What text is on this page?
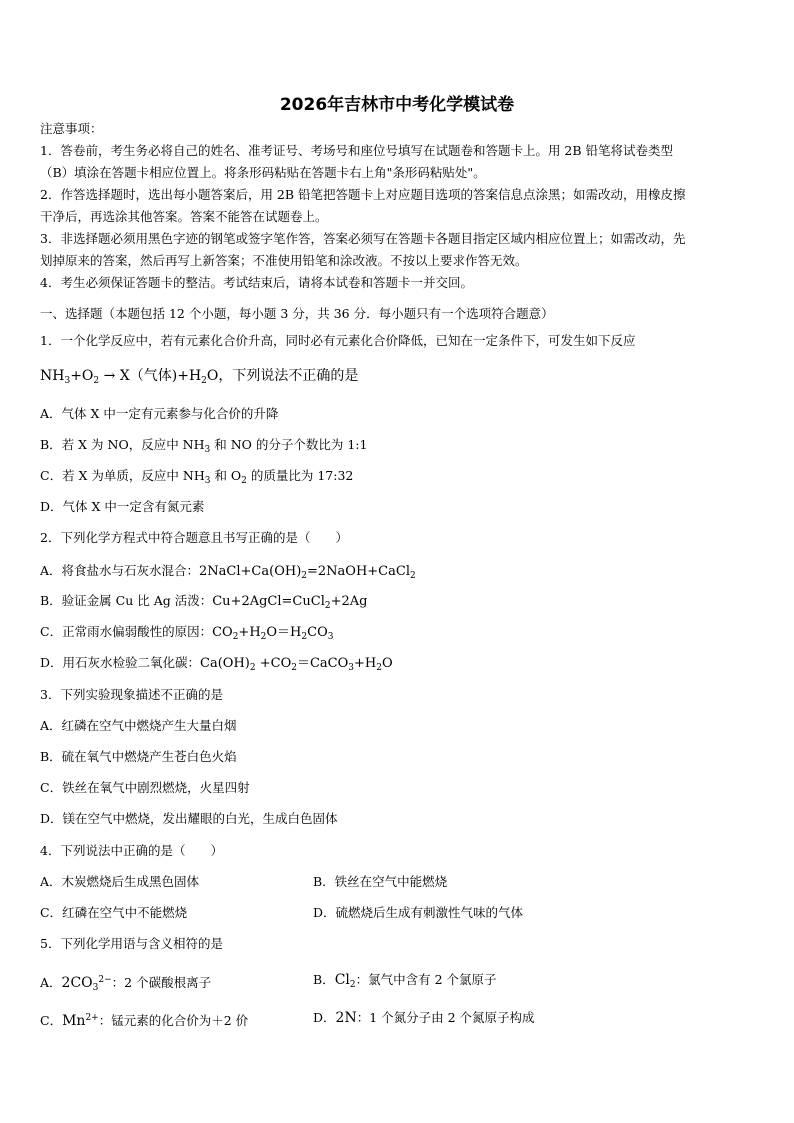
2026年吉林市中考化学模试卷
注意事项：
1．答卷前，考生务必将自己的姓名、准考证号、考场号和座位号填写在试题卷和答题卡上。用 2B 铅笔将试卷类型
（B）填涂在答题卡相应位置上。将条形码粘贴在答题卡右上角"条形码粘贴处"。
2．作答选择题时，选出每小题答案后，用 2B 铅笔把答题卡上对应题目选项的答案信息点涂黑；如需改动，用橡皮擦
干净后，再选涂其他答案。答案不能答在试题卷上。
3．非选择题必须用黑色字迹的钢笔或签字笔作答，答案必须写在答题卡各题目指定区域内相应位置上；如需改动，先
划掉原来的答案，然后再写上新答案；不准使用铅笔和涂改液。不按以上要求作答无效。
4．考生必须保证答题卡的整洁。考试结束后，请将本试卷和答题卡一并交回。
一、选择题（本题包括 12 个小题，每小题 3 分，共 36 分．每小题只有一个选项符合题意）
1．一个化学反应中，若有元素化合价升高，同时必有元素化合价降低，已知在一定条件下，可发生如下反应
$NH_3+O_2 \to X$（气体)$+H_2O$，下列说法不正确的是
A．气体 X 中一定有元素参与化合价的升降
B．若 X 为 NO，反应中 $NH_3$ 和 NO 的分子个数比为 1:1
C．若 X 为单质，反应中 $NH_3$ 和 $O_2$ 的质量比为 17:32
D．气体 X 中一定含有氮元素
2．下列化学方程式中符合题意且书写正确的是（　　）
A．将食盐水与石灰水混合：$2NaCl+Ca(OH)_2=2NaOH+CaCl_2$
B．验证金属 Cu 比 Ag 活泼：Cu+2AgCl=CuCl$_2$+2Ag
C．正常雨水偏弱酸性的原因：$CO_2+H_2O=H_2CO_3$
D．用石灰水检验二氧化碳：$Ca(OH)_2$ $+CO_2=CaCO_3+H_2O$
3．下列实验现象描述不正确的是
A．红磷在空气中燃烧产生大量白烟
B．硫在氧气中燃烧产生苍白色火焰
C．铁丝在氧气中剧烈燃烧，火星四射
D．镁在空气中燃烧，发出耀眼的白光，生成白色固体
4．下列说法中正确的是（　　）
A．木炭燃烧后生成黑色固体	B．铁丝在空气中能燃烧
C．红磷在空气中不能燃烧	D．硫燃烧后生成有刺激性气味的气体
5．下列化学用语与含义相符的是
A．$2CO_3^{2-}$：2 个碳酸根离子	B．$Cl_2$：氯气中含有 2 个氯原子
C．$Mn^{2+}$：锰元素的化合价为＋2 价	D．2N：1 个氮分子由 2 个氮原子构成
